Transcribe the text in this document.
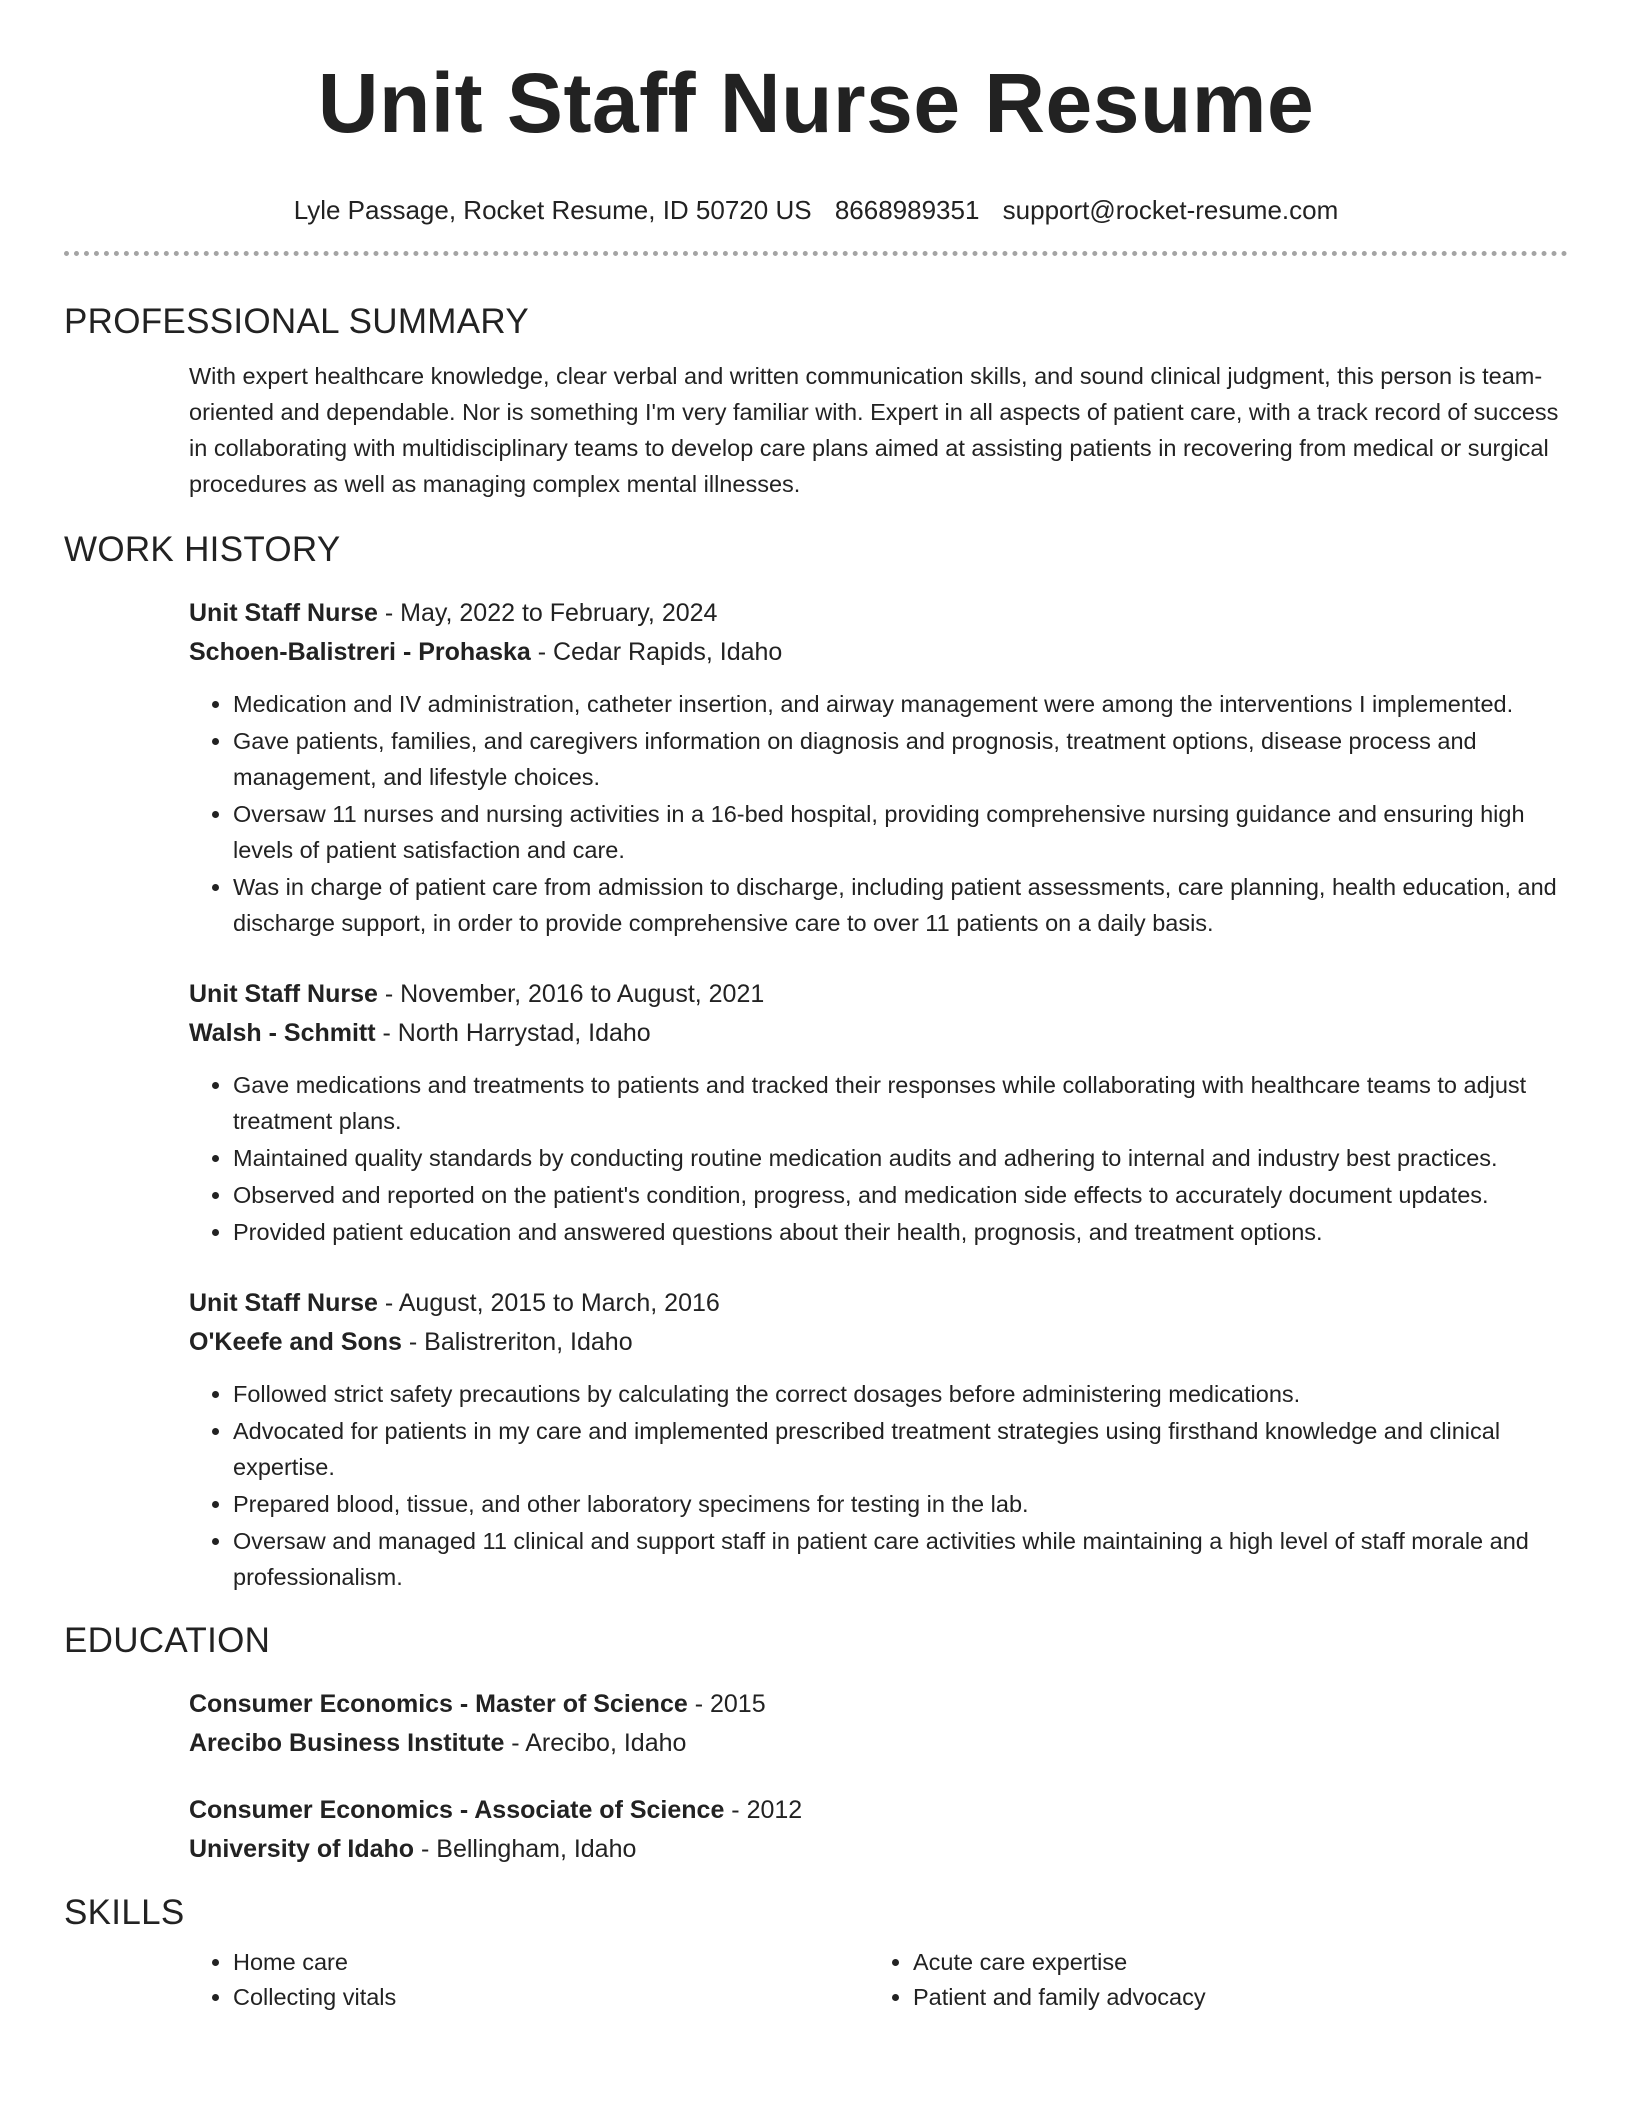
Unit Staff Nurse Resume
Lyle Passage, Rocket Resume, ID 50720 US 8668989351 support@rocket-resume.com
PROFESSIONAL SUMMARY

With expert healthcare knowledge, clear verbal and written communication skills, and sound clinical judgment, this person is team-oriented and dependable. Nor is something I'm very familiar with. Expert in all aspects of patient care, with a track record of success in collaborating with multidisciplinary teams to develop care plans aimed at assisting patients in recovering from medical or surgical procedures as well as managing complex mental illnesses.

WORK HISTORY
Unit Staff Nurse - May, 2022 to February, 2024
Schoen-Balistreri - Prohaska - Cedar Rapids, Idaho
• Medication and IV administration, catheter insertion, and airway management were among the interventions I implemented.
• Gave patients, families, and caregivers information on diagnosis and prognosis, treatment options, disease process and management, and lifestyle choices.
• Oversaw 11 nurses and nursing activities in a 16-bed hospital, providing comprehensive nursing guidance and ensuring high levels of patient satisfaction and care.
• Was in charge of patient care from admission to discharge, including patient assessments, care planning, health education, and discharge support, in order to provide comprehensive care to over 11 patients on a daily basis.
Unit Staff Nurse - November, 2016 to August, 2021
Walsh - Schmitt - North Harrystad, Idaho
• Gave medications and treatments to patients and tracked their responses while collaborating with healthcare teams to adjust treatment plans.
• Maintained quality standards by conducting routine medication audits and adhering to internal and industry best practices.
• Observed and reported on the patient's condition, progress, and medication side effects to accurately document updates.
• Provided patient education and answered questions about their health, prognosis, and treatment options.
Unit Staff Nurse - August, 2015 to March, 2016
O'Keefe and Sons - Balistreriton, Idaho
• Followed strict safety precautions by calculating the correct dosages before administering medications.
• Advocated for patients in my care and implemented prescribed treatment strategies using firsthand knowledge and clinical expertise.
• Prepared blood, tissue, and other laboratory specimens for testing in the lab.
• Oversaw and managed 11 clinical and support staff in patient care activities while maintaining a high level of staff morale and professionalism.
EDUCATION
Consumer Economics - Master of Science - 2015
Arecibo Business Institute - Arecibo, Idaho
Consumer Economics - Associate of Science - 2012
University of Idaho - Bellingham, Idaho
SKILLS
• Home care
• Collecting vitals
• Acute care expertise
• Patient and family advocacy
